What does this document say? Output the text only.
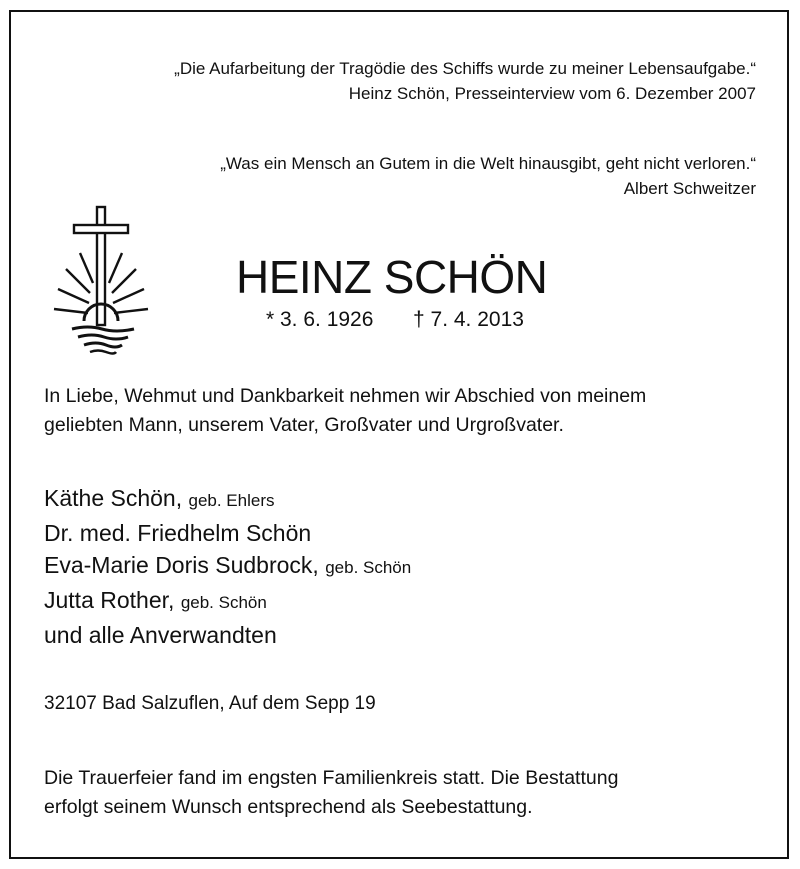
„Die Aufarbeitung der Tragödie des Schiffs wurde zu meiner Lebensaufgabe.“
Heinz Schön, Presseinterview vom 6. Dezember 2007
„Was ein Mensch an Gutem in die Welt hinausgibt, geht nicht verloren.“
Albert Schweitzer
HEINZ SCHÖN
* 3. 6. 1926 † 7. 4. 2013
In Liebe, Wehmut und Dankbarkeit nehmen wir Abschied von meinem
geliebten Mann, unserem Vater, Großvater und Urgroßvater.
Käthe Schön, geb. Ehlers
Dr. med. Friedhelm Schön
Eva-Marie Doris Sudbrock, geb. Schön
Jutta Rother, geb. Schön
und alle Anverwandten
32107 Bad Salzuflen, Auf dem Sepp 19
Die Trauerfeier fand im engsten Familienkreis statt. Die Bestattung
erfolgt seinem Wunsch entsprechend als Seebestattung.
